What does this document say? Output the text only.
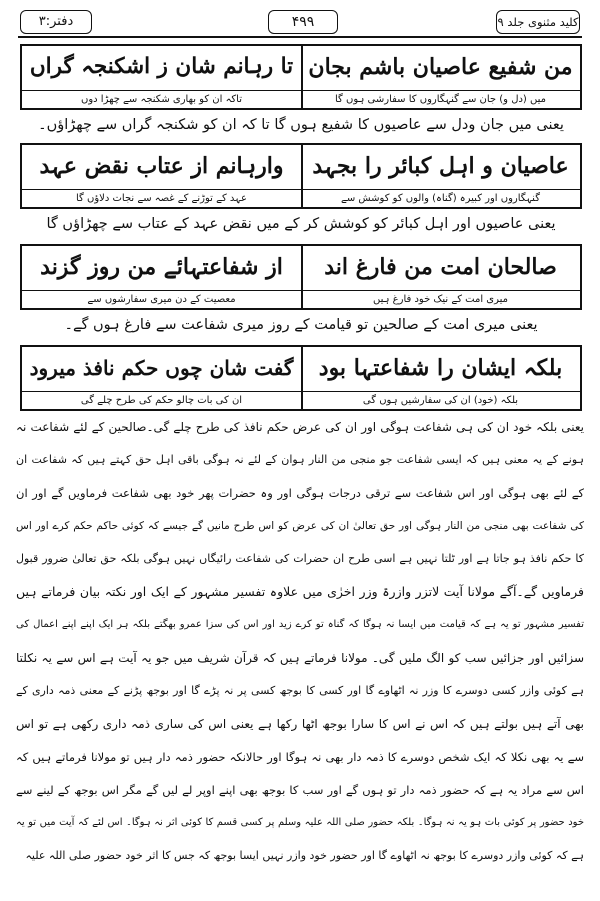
کلید مثنوی جلد ۹
۴۹۹
دفتر:۳
من شفیع عاصیان باشم بجان
میں (دل و) جان سے گنہگاروں کا سفارشی ہوں گا
تا رہانم شان ز اشکنجہ گراں
تاکہ ان کو بھاری شکنجہ سے چھڑا دوں
یعنی میں جان ودل سے عاصیوں کا شفیع ہوں گا تا کہ ان کو شکنجہ گراں سے چھڑاؤں۔
عاصیان و اہل کبائر را بجہد
گنہگاروں اور کبیرہ (گناہ) والوں کو کوشش سے
وارہانم از عتاب نقض عہد
عہد کے توڑنے کے غصہ سے نجات دلاؤں گا
یعنی عاصیوں اور اہل کبائر کو کوشش کر کے میں نقض عہد کے عتاب سے چھڑاؤں گا
صالحان امت من فارغ اند
میری امت کے نیک خود فارغ ہیں
از شفاعتہائے من روز گزند
معصیت کے دن میری سفارشوں سے
یعنی میری امت کے صالحین تو قیامت کے روز میری شفاعت سے فارغ ہوں گے۔
بلکہ ایشان را شفاعتہا بود
بلکہ (خود) ان کی سفارشیں ہوں گی
گفت شان چوں حکم نافذ میرود
ان کی بات چالو حکم کی طرح چلے گی
یعنی بلکہ خود ان کی ہی شفاعت ہوگی اور ان کی عرض حکم نافذ کی طرح چلے گی۔صالحین کے لئے شفاعت نہ
ہونے کے یہ معنی ہیں کہ ایسی شفاعت جو منجی من النار ہوان کے لئے نہ ہوگی باقی اہل حق کہتے ہیں کہ شفاعت ان
کے لئے بھی ہوگی اور اس شفاعت سے ترقی درجات ہوگی اور وہ حضرات پھر خود بھی شفاعت فرماویں گے اور ان
کی شفاعت بھی منجی من النار ہوگی اور حق تعالیٰ ان کی عرض کو اس طرح مانیں گے جیسے کہ کوئی حاکم حکم کرے اور اس
کا حکم نافذ ہو جاتا ہے اور ٹلتا نہیں ہے اسی طرح ان حضرات کی شفاعت رائیگاں نہیں ہوگی بلکہ حق تعالیٰ ضرور قبول
فرماویں گے۔آگے مولانا آیت لاتزر وازرۃ وزر اخرٰی میں علاوہ تفسیر مشہور کے ایک اور نکتہ بیان فرماتے ہیں
تفسیر مشہور تو یہ ہے کہ قیامت میں ایسا نہ ہوگا کہ گناہ تو کرے زید اور اس کی سزا عمرو بھگتے بلکہ ہر ایک اپنے اپنے اعمال کی
سزائیں اور جزائیں سب کو الگ ملیں گی۔ مولانا فرماتے ہیں کہ قرآن شریف میں جو یہ آیت ہے اس سے یہ نکلتا
ہے کوئی وازر کسی دوسرے کا وزر نہ اٹھاوے گا اور کسی کا بوجھ کسی پر نہ پڑے گا اور بوجھ پڑنے کے معنی ذمہ داری کے
بھی آتے ہیں بولتے ہیں کہ اس نے اس کا سارا بوجھ اٹھا رکھا ہے یعنی اس کی ساری ذمہ داری رکھی ہے تو اس
سے یہ بھی نکلا کہ ایک شخص دوسرے کا ذمہ دار بھی نہ ہوگا اور حالانکہ حضور ذمہ دار ہیں تو مولانا فرماتے ہیں کہ
اس سے مراد یہ ہے کہ حضور ذمہ دار تو ہوں گے اور سب کا بوجھ بھی اپنے اوپر لے لیں گے مگر اس بوجھ کے لینے سے
خود حضور پر کوئی بات ہو یہ نہ ہوگا۔ بلکہ حضور صلی اللہ علیہ وسلم پر کسی قسم کا کوئی اثر نہ ہوگا۔ اس لئے کہ آیت میں تو یہ
ہے کہ کوئی وازر دوسرے کا بوجھ نہ اٹھاوے گا اور حضور خود وازر نہیں ایسا بوجھ کہ جس کا اثر خود حضور صلی اللہ علیہ
